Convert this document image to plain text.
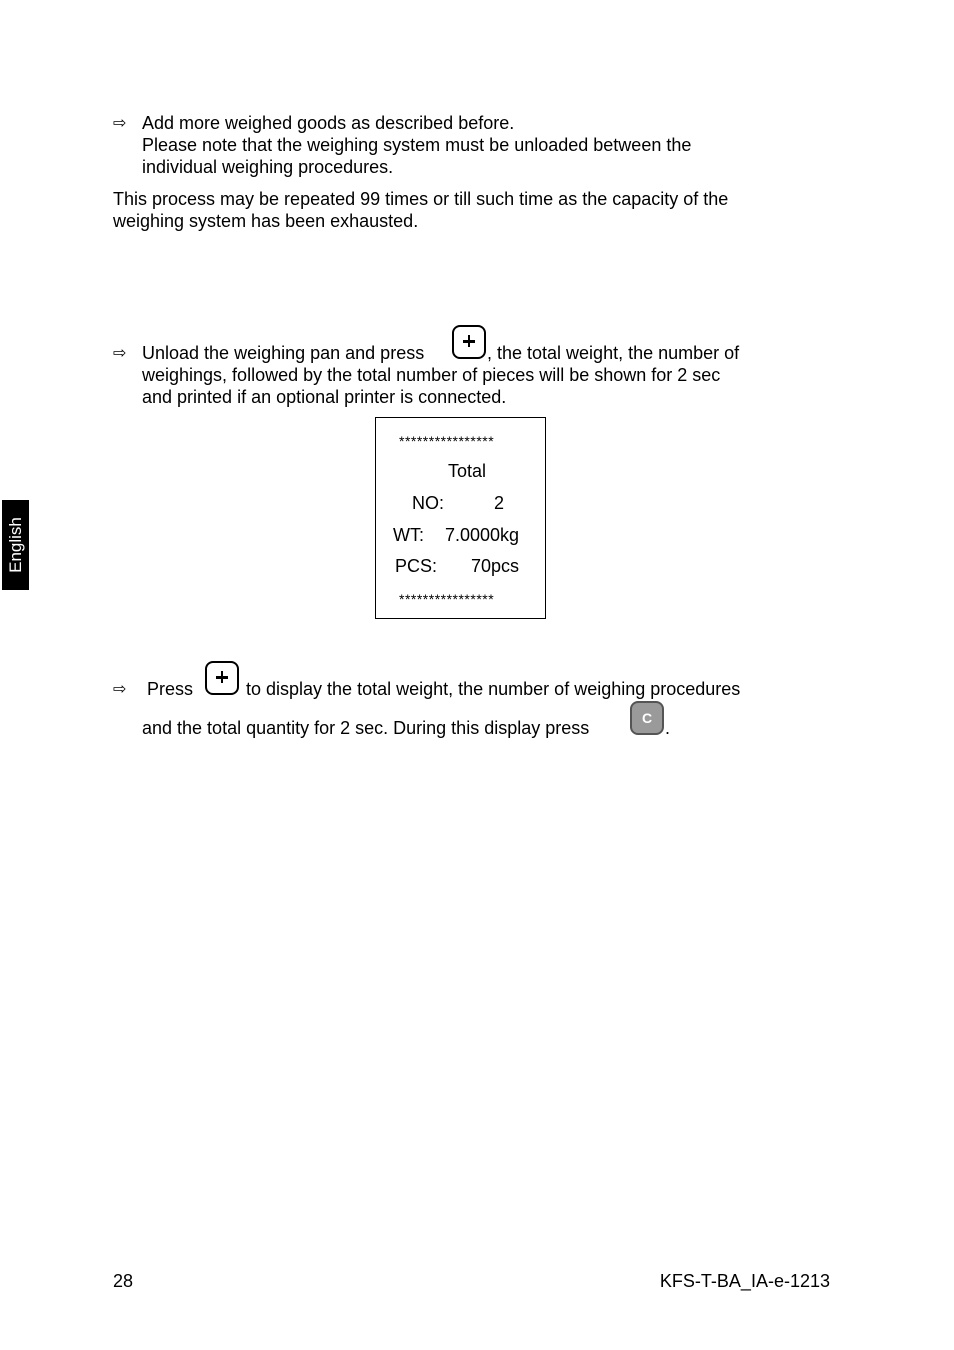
English
⇨ Add more weighed goods as described before.
Please note that the weighing system must be unloaded between the
individual weighing procedures.
This process may be repeated 99 times or till such time as the capacity of the
weighing system has been exhausted.
⇨ Unload the weighing pan and press	, the total weight, the number of
weighings, followed by the total number of pieces will be shown for 2 sec
and printed if an optional printer is connected.
****************
Total
NO:	2
WT: 7.0000kg
PCS: 70pcs
****************
⇨ Press	to display the total weight, the number of weighing procedures
and the total quantity for 2 sec. During this display press	C .
28	KFS-T-BA_IA-e-1213
